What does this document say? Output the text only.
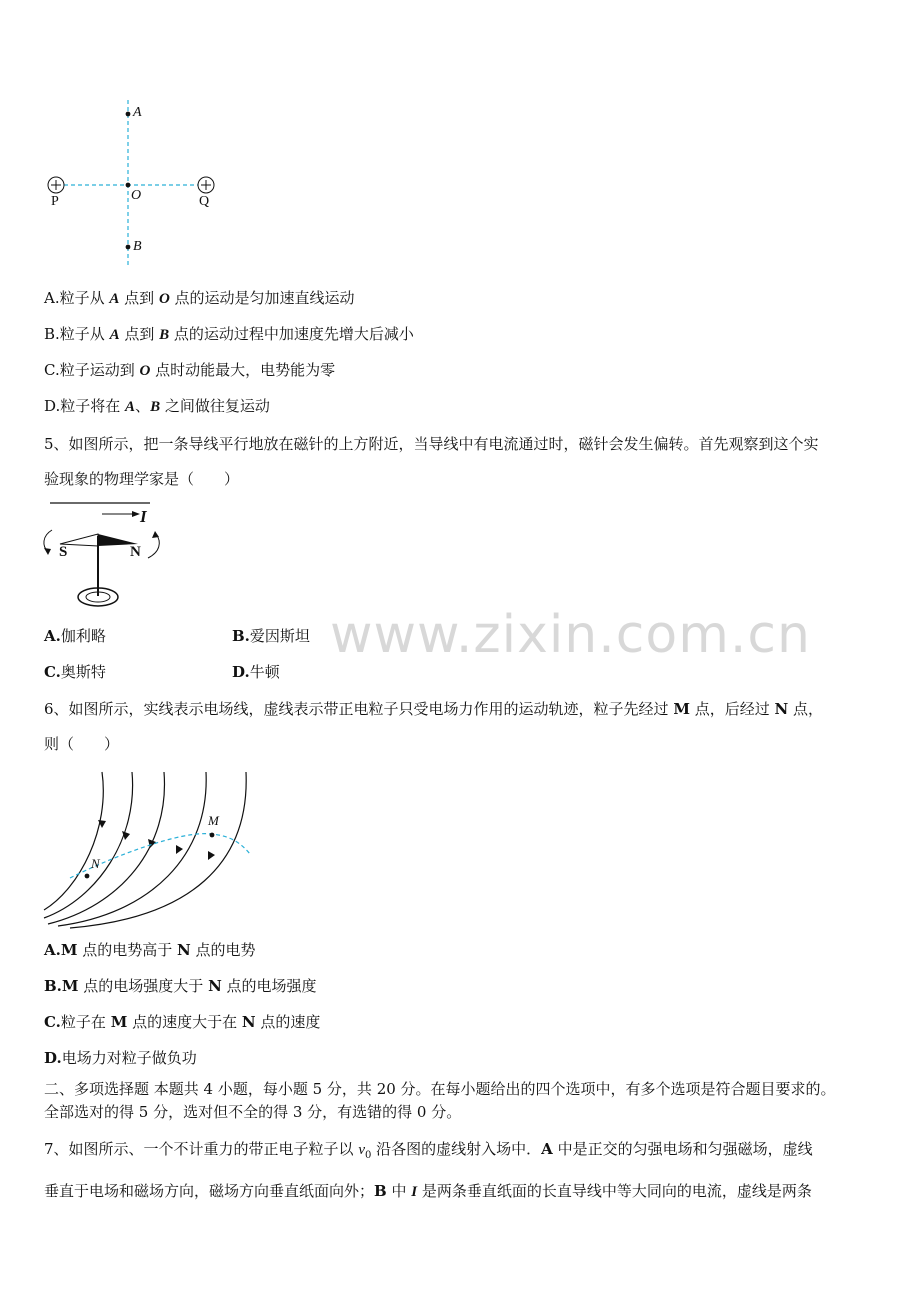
A
O
B
P	Q
A.粒子从 A 点到 O 点的运动是匀加速直线运动
B.粒子从 A 点到 B 点的运动过程中加速度先增大后减小
C.粒子运动到 O 点时动能最大，电势能为零
D.粒子将在 A、B 之间做往复运动
5、如图所示，把一条导线平行地放在磁针的上方附近，当导线中有电流通过时，磁针会发生偏转。首先观察到这个实
验现象的物理学家是（　　）
I
S	N
A.伽利略	B.爱因斯坦
C.奥斯特	D.牛顿
www.zixin.com.cn
6、如图所示，实线表示电场线，虚线表示带正电粒子只受电场力作用的运动轨迹，粒子先经过 M 点，后经过 N 点，
则（　　）
M
N
A.M 点的电势高于 N 点的电势
B.M 点的电场强度大于 N 点的电场强度
C.粒子在 M 点的速度大于在 N 点的速度
D.电场力对粒子做负功
二、多项选择题 本题共 4 小题，每小题 5 分，共 20 分。在每小题给出的四个选项中，有多个选项是符合题目要求的。
全部选对的得 5 分，选对但不全的得 3 分，有选错的得 0 分。
7、如图所示、一个不计重力的带正电子粒子以 $v_0$ 沿各图的虚线射入场中．A 中是正交的匀强电场和匀强磁场，虚线
垂直于电场和磁场方向，磁场方向垂直纸面向外；B 中 I 是两条垂直纸面的长直导线中等大同向的电流，虚线是两条
